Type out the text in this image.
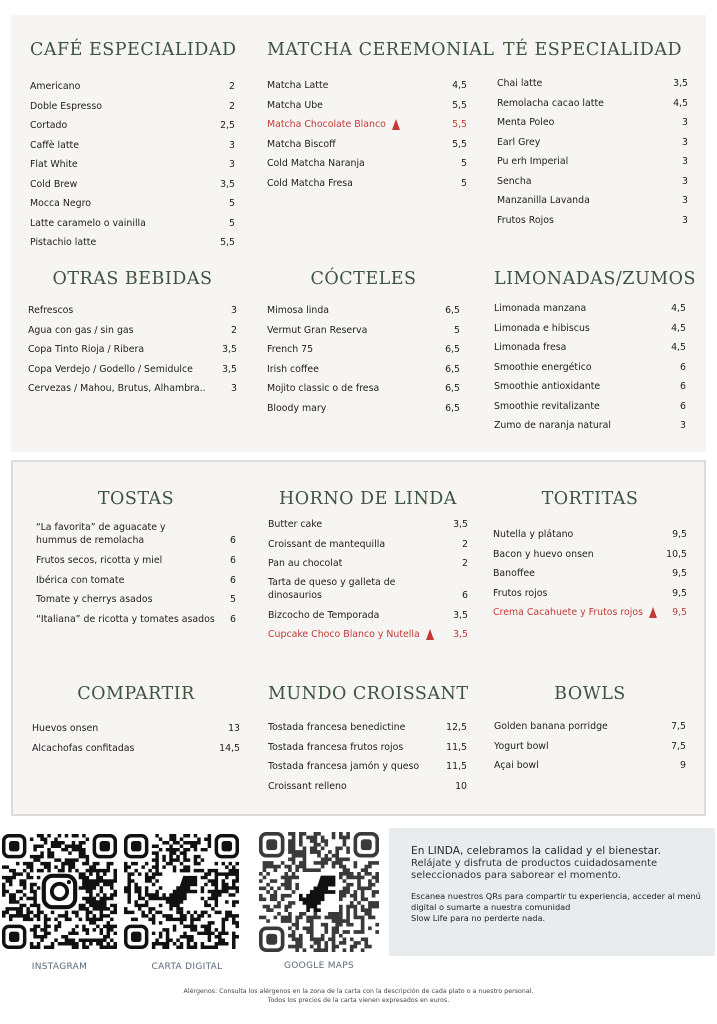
CAFÉ ESPECIALIDAD
Americano	2
Doble Espresso	2
Cortado	2,5
Caffè latte	3
Flat White	3
Cold Brew	3,5
Mocca Negro	5
Latte caramelo o vainilla	5
Pistachio latte	5,5
MATCHA CEREMONIAL
Matcha Latte	4,5
Matcha Ube	5,5
Matcha Chocolate Blanco	5,5
Matcha Biscoff	5,5
Cold Matcha Naranja	5
Cold Matcha Fresa	5
TÉ ESPECIALIDAD
Chai latte	3,5
Remolacha cacao latte	4,5
Menta Poleo	3
Earl Grey	3
Pu erh Imperial	3
Sencha	3
Manzanilla Lavanda	3
Frutos Rojos	3
OTRAS BEBIDAS
Refrescos	3
Agua con gas / sin gas	2
Copa Tinto Rioja / Ribera	3,5
Copa Verdejo / Godello / Semidulce	3,5
Cervezas / Mahou, Brutus, Alhambra..	3
CÓCTELES
Mimosa linda	6,5
Vermut Gran Reserva	5
French 75	6,5
Irish coffee	6,5
Mojito classic o de fresa	6,5
Bloody mary	6,5
LIMONADAS/ZUMOS
Limonada manzana	4,5
Limonada e hibiscus	4,5
Limonada fresa	4,5
Smoothie energético	6
Smoothie antioxidante	6
Smoothie revitalizante	6
Zumo de naranja natural	3
TOSTAS
“La favorita” de aguacate y hummus de remolacha	6
Frutos secos, ricotta y miel	6
Ibérica con tomate	6
Tomate y cherrys asados	5
“Italiana” de ricotta y tomates asados 6
HORNO DE LINDA
Butter cake	3,5
Croissant de mantequilla	2
Pan au chocolat	2
Tarta de queso y galleta de dinosaurios	6
Bizcocho de Temporada	3,5
Cupcake Choco Blanco y Nutella	3,5
TORTITAS
Nutella y plátano	9,5
Bacon y huevo onsen	10,5
Banoffee	9,5
Frutos rojos	9,5
Crema Cacahuete y Frutos rojos	9,5
COMPARTIR
Huevos onsen	13
Alcachofas confitadas	14,5
MUNDO CROISSANT
Tostada francesa benedictine	12,5
Tostada francesa frutos rojos	11,5
Tostada francesa jamón y queso	11,5
Croissant relleno	10
BOWLS
Golden banana porridge	7,5
Yogurt bowl	7,5
Açai bowl	9
INSTAGRAM	CARTA DIGITAL	GOOGLE MAPS
En LINDA, celebramos la calidad y el bienestar.
Relájate y disfruta de productos cuidadosamente seleccionados para saborear el momento.
Escanea nuestros QRs para compartir tu experiencia, acceder al menú digital o sumarte a nuestra comunidad
Slow Life para no perderte nada.
Alérgenos: Consulta los alérgenos en la zona de la carta con la descripción de cada plato o a nuestro personal.
Todos los precios de la carta vienen expresados en euros.
